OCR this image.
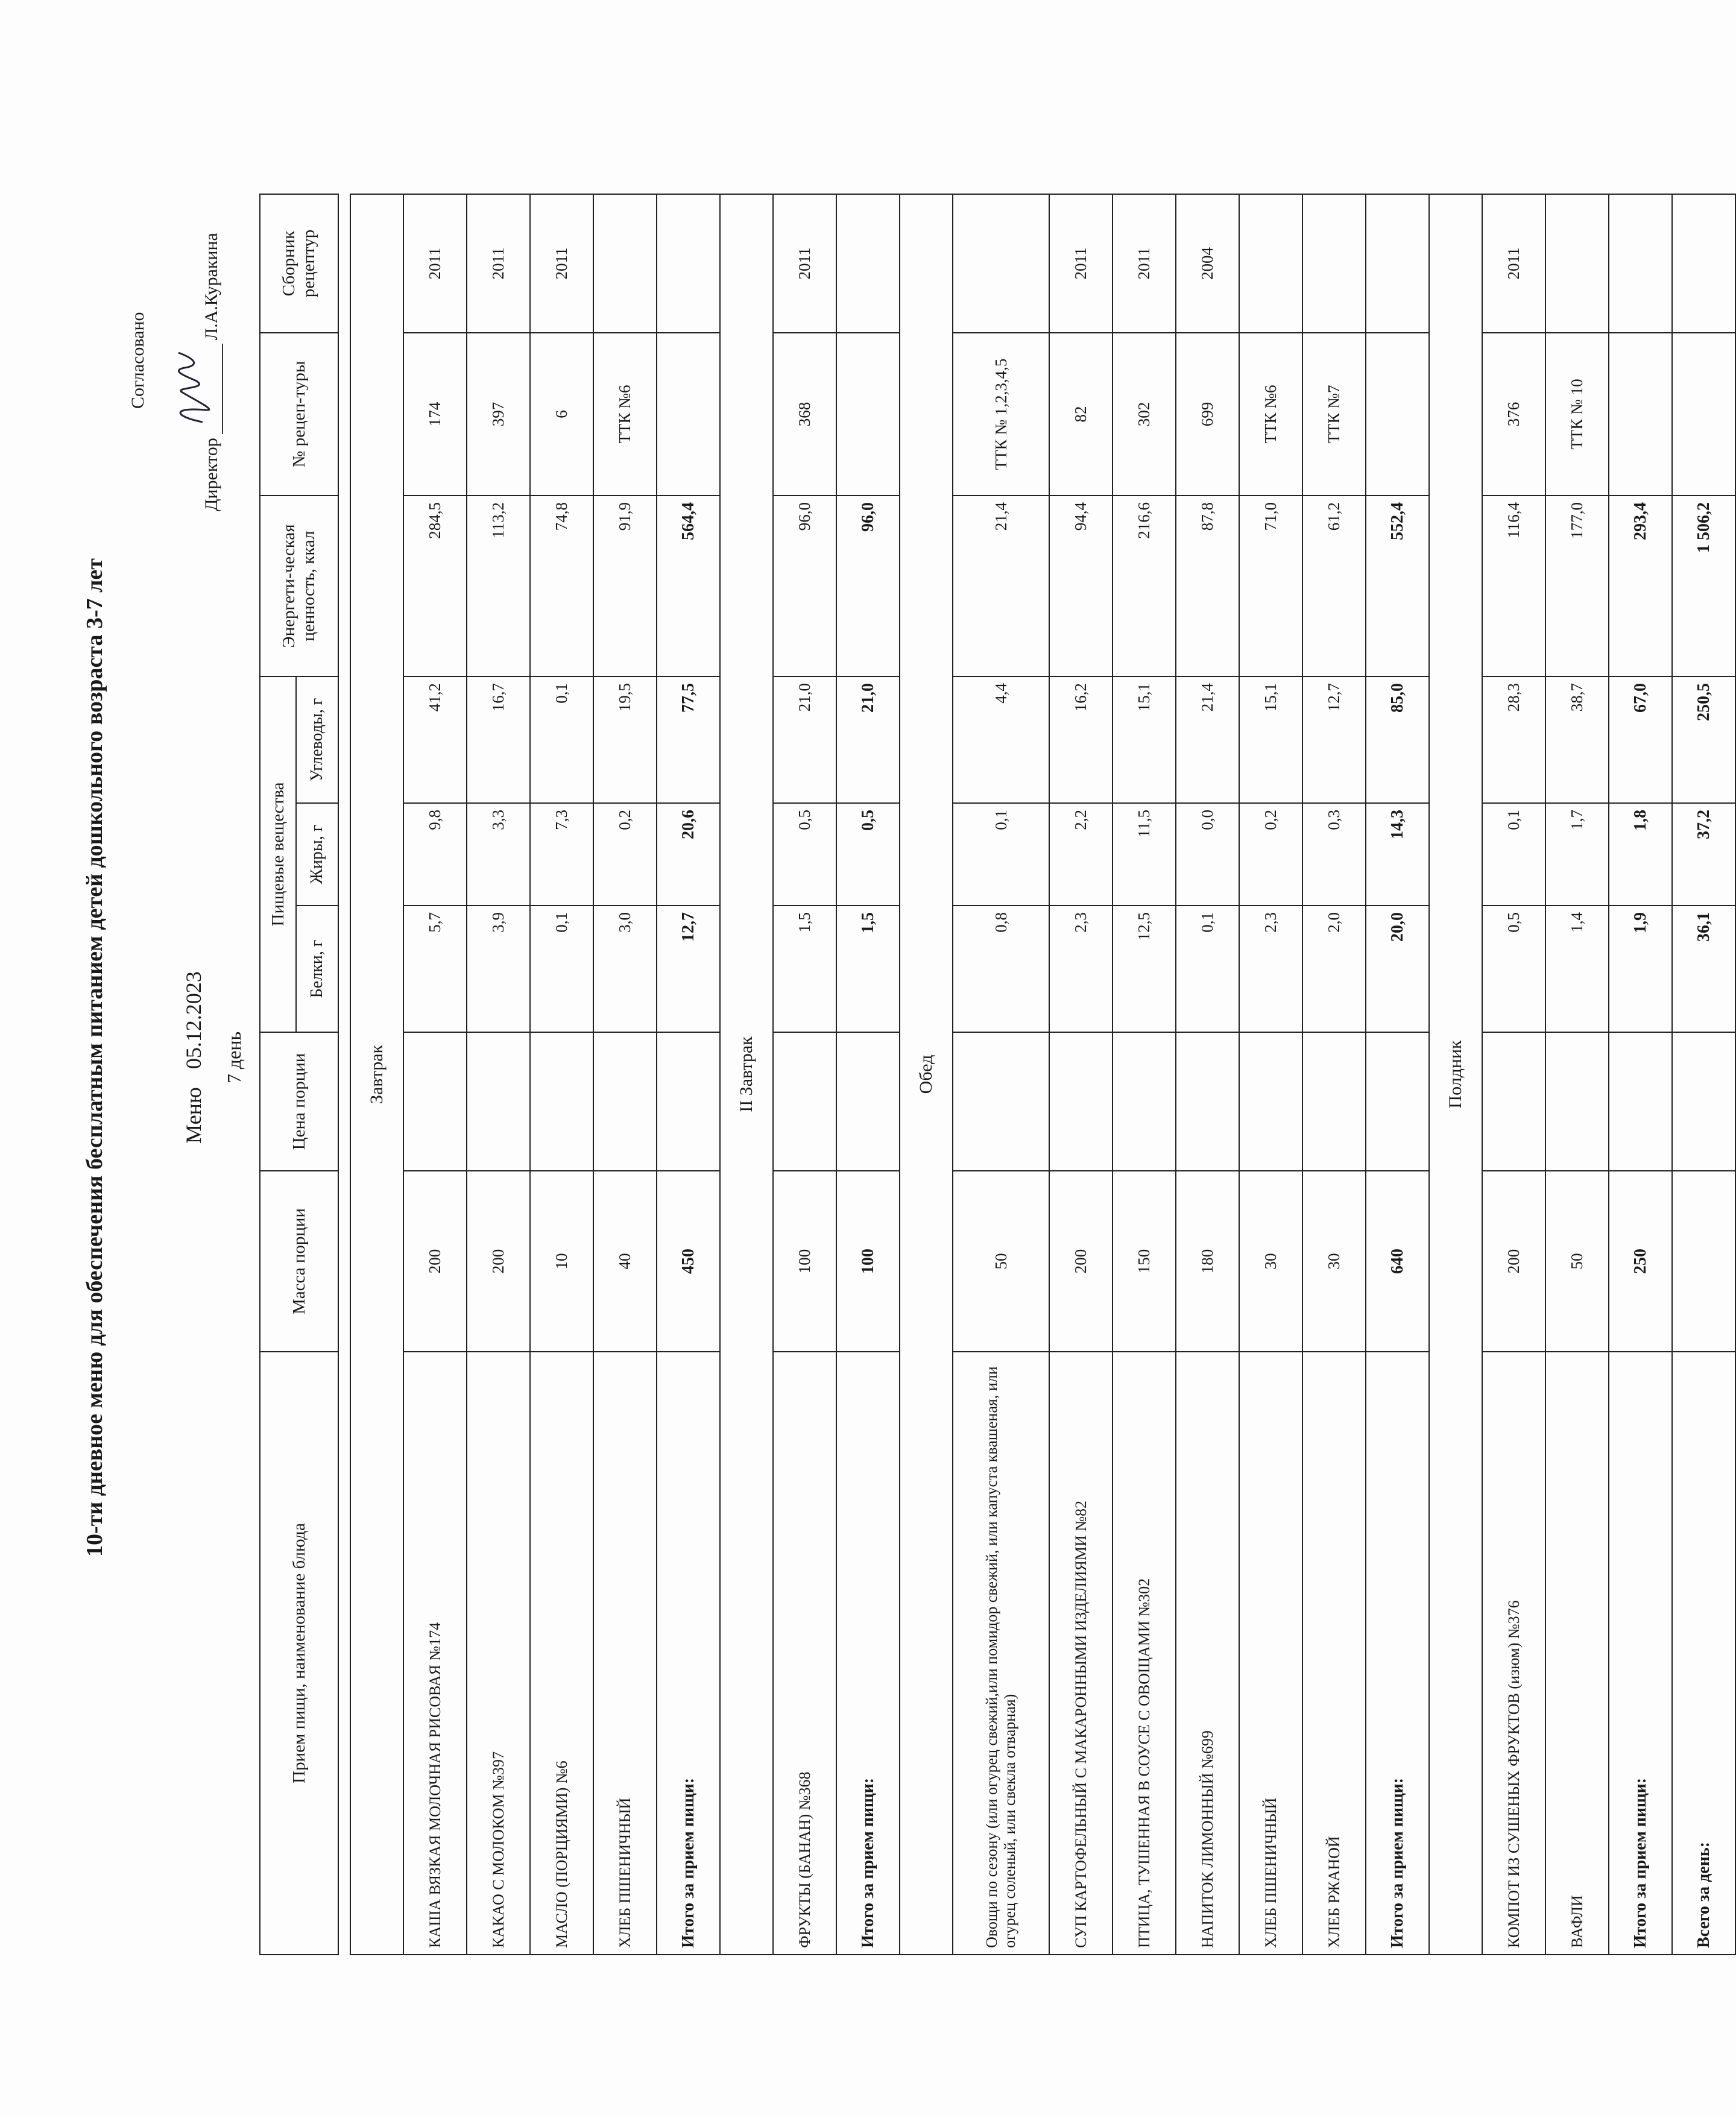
10-ти дневное меню для обеспечения бесплатным питанием детей дошкольного возраста 3-7 лет
Согласовано
Директор
Л.А.Куракина
Меню05.12.2023 7 день
Прием пищи, наименование блюда	Масса порции	Цена порции	Пищевые вещества			Энергети-ческая ценность, ккал	№ рецеп-туры	Сборник рецептур
			Белки, г	Жиры, г	Углеводы, г			
Завтрак								
КАША ВЯЗКАЯ МОЛОЧНАЯ РИСОВАЯ №174	200		5,7	9,8	41,2	284,5	174	2011
КАКАО С МОЛОКОМ №397	200		3,9	3,3	16,7	113,2	397	2011
МАСЛО (ПОРЦИЯМИ) №6	10		0,1	7,3	0,1	74,8	6	2011
ХЛЕБ ПШЕНИЧНЫЙ	40		3,0	0,2	19,5	91,9	ТТК №6	
Итого за прием пищи:	450		12,7	20,6	77,5	564,4		
II Завтрак								
ФРУКТЫ (БАНАН) №368	100		1,5	0,5	21,0	96,0	368	2011
Итого за прием пищи:	100		1,5	0,5	21,0	96,0		
Обед								
Овощи по сезону (или огурец свежий,или помидор свежий, или капуста квашеная, или огурец соленый, или свекла отварная)	50		0,8	0,1	4,4	21,4	ТТК № 1,2,3,4,5	
СУП КАРТОФЕЛЬНЫЙ С МАКАРОННЫМИ ИЗДЕЛИЯМИ №82	200		2,3	2,2	16,2	94,4	82	2011
ПТИЦА, ТУШЕННАЯ В СОУСЕ С ОВОЩАМИ №302	150		12,5	11,5	15,1	216,6	302	2011
НАПИТОК ЛИМОННЫЙ №699	180		0,1	0,0	21,4	87,8	699	2004
ХЛЕБ ПШЕНИЧНЫЙ	30		2,3	0,2	15,1	71,0	ТТК №6	
ХЛЕБ РЖАНОЙ	30		2,0	0,3	12,7	61,2	ТТК №7	
Итого за прием пищи:	640		20,0	14,3	85,0	552,4		
Полдник								
КОМПОТ ИЗ СУШЕНЫХ ФРУКТОВ (изюм) №376	200		0,5	0,1	28,3	116,4	376	2011
ВАФЛИ	50		1,4	1,7	38,7	177,0	ТТК № 10	
Итого за прием пищи:	250		1,9	1,8	67,0	293,4		
Всего за день:			36,1	37,2	250,5	1 506,2		
